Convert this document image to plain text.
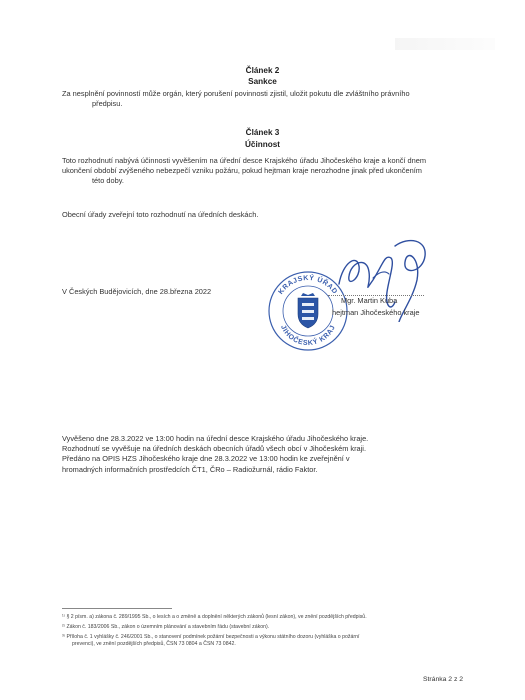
Článek 2
Sankce
Za nesplnění povinností může orgán, který porušení povinnosti zjistil, uložit pokutu dle zvláštního právního
předpisu.
Článek 3
Účinnost
Toto rozhodnutí nabývá účinnosti vyvěšením na úřední desce Krajského úřadu Jihočeského kraje a končí dnem
ukončení období zvýšeného nebezpečí vzniku požáru, pokud hejtman kraje nerozhodne jinak před ukončením
této doby.
Obecní úřady zveřejní toto rozhodnutí na úředních deskách.
V Českých Budějovicích, dne 28.března 2022	KRAJSKÝ ÚŘAD
JIHOČESKÝ KRAJ
Mgr. Martin Kuba
hejtman Jihočeského kraje
Vyvěšeno dne 28.3.2022 ve 13:00 hodin na úřední desce Krajského úřadu Jihočeského kraje.
Rozhodnutí se vyvěšuje na úředních deskách obecních úřadů všech obcí v Jihočeském kraji.
Předáno na OPIS HZS Jihočeského kraje dne 28.3.2022 ve 13:00 hodin ke zveřejnění v
hromadných informačních prostředcích ČT1, ČRo – Radiožurnál, rádio Faktor.
¹⁾ § 2 písm. a) zákona č. 289/1995 Sb., o lesích a o změně a doplnění některých zákonů (lesní zákon), ve znění pozdějších předpisů.
²⁾ Zákon č. 183/2006 Sb., zákon o územním plánování a stavebním řádu (stavební zákon).
³⁾ Příloha č. 1 vyhlášky č. 246/2001 Sb., o stanovení podmínek požární bezpečnosti a výkonu státního dozoru (vyhláška o požární
prevenci), ve znění pozdějších předpisů, ČSN 73 0804 a ČSN 73 0842.
Stránka 2 z 2
